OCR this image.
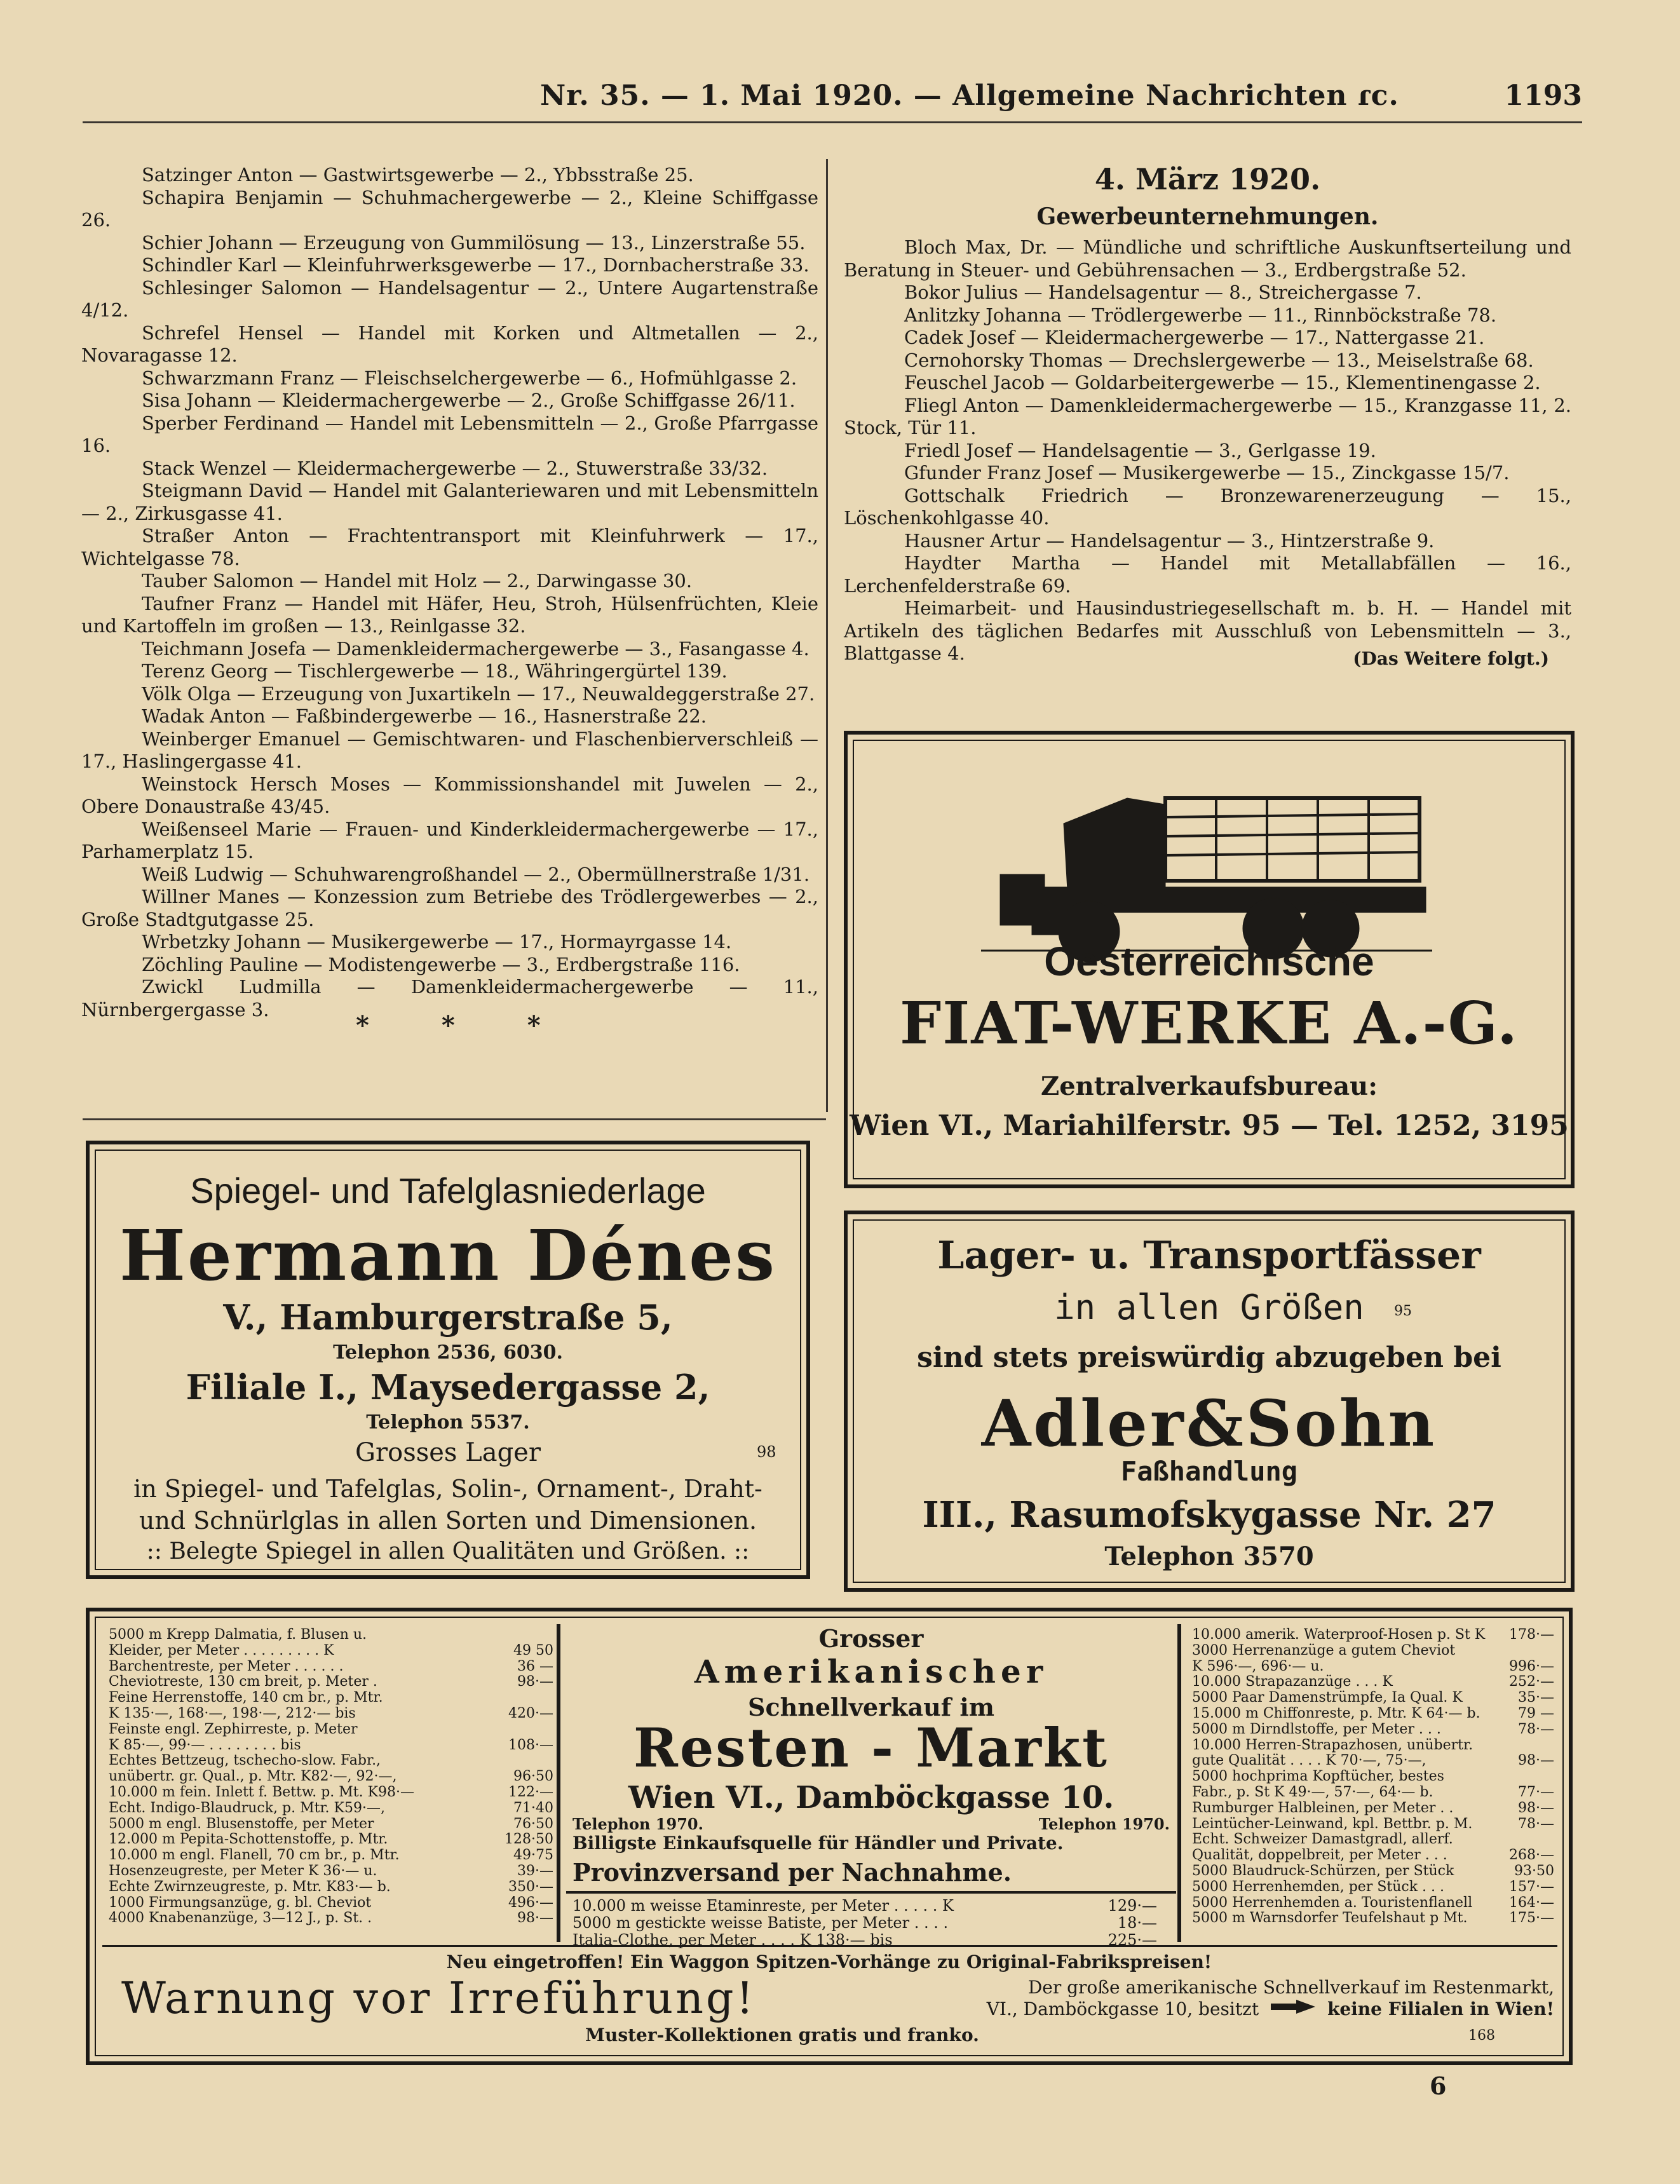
Nr. 35. — 1. Mai 1920. — Allgemeine Nachrichten ɾc.	1193

Satzinger Anton — Gastwirtsgewerbe — 2., Ybbsstraße 25.

Schapira Benjamin — Schuhmachergewerbe — 2., Kleine Schiffgasse 26.

Schier Johann — Erzeugung von Gummilösung — 13., Linzerstraße 55.

Schindler Karl — Kleinfuhrwerksgewerbe — 17., Dornbacherstraße 33.

Schlesinger Salomon — Handelsagentur — 2., Untere Augartenstraße 4/12.

Schrefel Hensel — Handel mit Korken und Altmetallen — 2., Novaragasse 12.

Schwarzmann Franz — Fleischselchergewerbe — 6., Hofmühlgasse 2.

Sisa Johann — Kleidermachergewerbe — 2., Große Schiffgasse 26/11.

Sperber Ferdinand — Handel mit Lebensmitteln — 2., Große Pfarrgasse 16.

Stack Wenzel — Kleidermachergewerbe — 2., Stuwerstraße 33/32.

Steigmann David — Handel mit Galanteriewaren und mit Lebensmitteln — 2., Zirkusgasse 41.

Straßer Anton — Frachtentransport mit Kleinfuhrwerk — 17., Wichtelgasse 78.

Tauber Salomon — Handel mit Holz — 2., Darwingasse 30.

Taufner Franz — Handel mit Häfer, Heu, Stroh, Hülsenfrüchten, Kleie und Kartoffeln im großen — 13., Reinlgasse 32.

Teichmann Josefa — Damenkleidermachergewerbe — 3., Fasangasse 4.

Terenz Georg — Tischlergewerbe — 18., Währingergürtel 139.

Völk Olga — Erzeugung von Juxartikeln — 17., Neuwaldeggerstraße 27.

Wadak Anton — Faßbindergewerbe — 16., Hasnerstraße 22.

Weinberger Emanuel — Gemischtwaren- und Flaschenbierverschleiß — 17., Haslingergasse 41.

Weinstock Hersch Moses — Kommissionshandel mit Juwelen — 2., Obere Donaustraße 43/45.

Weißenseel Marie — Frauen- und Kinderkleidermachergewerbe — 17., Parhamerplatz 15.

Weiß Ludwig — Schuhwarengroßhandel — 2., Obermüllnerstraße 1/31.

Willner Manes — Konzession zum Betriebe des Trödlergewerbes — 2., Große Stadtgutgasse 25.

Wrbetzky Johann — Musikergewerbe — 17., Hormayrgasse 14.

Zöchling Pauline — Modistengewerbe — 3., Erdbergstraße 116.

Zwickl Ludmilla — Damenkleidermachergewerbe — 11., Nürnbergergasse 3.

* * *
4. März 1920.
Gewerbeunternehmungen.

Bloch Max, Dr. — Mündliche und schriftliche Auskunftserteilung und Beratung in Steuer- und Gebührensachen — 3., Erdbergstraße 52.

Bokor Julius — Handelsagentur — 8., Streichergasse 7.

Anlitzky Johanna — Trödlergewerbe — 11., Rinnböckstraße 78.

Cadek Josef — Kleidermachergewerbe — 17., Nattergasse 21.

Cernohorsky Thomas — Drechslergewerbe — 13., Meiselstraße 68.

Feuschel Jacob — Goldarbeitergewerbe — 15., Klementinengasse 2.

Fliegl Anton — Damenkleidermachergewerbe — 15., Kranzgasse 11, 2. Stock, Tür 11.

Friedl Josef — Handelsagentie — 3., Gerlgasse 19.

Gfunder Franz Josef — Musikergewerbe — 15., Zinckgasse 15/7.

Gottschalk Friedrich — Bronzewarenerzeugung — 15., Löschenkohlgasse 40.

Hausner Artur — Handelsagentur — 3., Hintzerstraße 9.

Haydter Martha — Handel mit Metallabfällen — 16., Lerchenfelderstraße 69.

Heimarbeit- und Hausindustriegesellschaft m. b. H. — Handel mit Artikeln des täglichen Bedarfes mit Ausschluß von Lebensmitteln — 3., Blattgasse 4.	(Das Weitere folgt.)
Oesterreichische
FIAT-WERKE A.-G.
Zentralverkaufsbureau:
Wien VI., Mariahilferstr. 95 — Tel. 1252, 3195
Spiegel- und Tafelglasniederlage
Hermann Dénes
V., Hamburgerstraße 5,
Telephon 2536, 6030.
Filiale I., Maysedergasse 2,
Telephon 5537.
Grosses Lager	98
in Spiegel- und Tafelglas, Solin-, Ornament-, Draht-
und Schnürlglas in allen Sorten und Dimensionen.
:: Belegte Spiegel in allen Qualitäten und Größen. ::
Lager- u. Transportfässer
in allen Größen	95
sind stets preiswürdig abzugeben bei
Adler&Sohn
Faßhandlung
III., Rasumofskygasse Nr. 27
Telephon 3570
5000 m Krepp Dalmatia, f. Blusen u.
Kleider, per Meter . . . . . . . . . K	49 50
Barchentreste, per Meter . . . . . .	36 —
Cheviotreste, 130 cm breit, p. Meter .	98·—
Feine Herrenstoffe, 140 cm br., p. Mtr.
K 135·—, 168·—, 198·—, 212·— bis	420·—
Feinste engl. Zephirreste, p. Meter
K 85·—, 99·— . . . . . . . . bis	108·—
Echtes Bettzeug, tschecho-slow. Fabr.,
unübertr. gr. Qual., p. Mtr. K82·—, 92·—,	96·50
10.000 m fein. Inlett f. Bettw. p. Mt. K98·—	122·—
Echt. Indigo-Blaudruck, p. Mtr. K59·—,	71·40
5000 m engl. Blusenstoffe, per Meter	76·50
12.000 m Pepita-Schottenstoffe, p. Mtr.	128·50
10.000 m engl. Flanell, 70 cm br., p. Mtr.	49·75
Hosenzeugreste, per Meter K 36·— u.	39·—
Echte Zwirnzeugreste, p. Mtr. K83·— b.	350·—
1000 Firmungsanzüge, g. bl. Cheviot	496·—
4000 Knabenanzüge, 3—12 J., p. St. .	98·—
Grosser
Amerikanischer
Schnellverkauf im
Resten - Markt
Wien VI., Damböckgasse 10.
Telephon 1970.	Telephon 1970.
Billigste Einkaufsquelle für Händler und Private.
Provinzversand per Nachnahme.
10.000 m weisse Etaminreste, per Meter . . . . . K	129·—
5000 m gestickte weisse Batiste, per Meter . . . .	18·—
Italia-Clothe, per Meter . . . . K 138·— bis	225·—
10.000 amerik. Waterproof-Hosen p. St K 178·—
3000 Herrenanzüge a gutem Cheviot
K 596·—, 696·— u.	996·—
10.000 Strapazanzüge . . . K	252·—
5000 Paar Damenstrümpfe, Ia Qual. K	35·—
15.000 m Chiffonreste, p. Mtr. K 64·— b.	79 —
5000 m Dirndlstoffe, per Meter . . .	78·—
10.000 Herren-Strapazhosen, unübertr.
gute Qualität . . . . K 70·—, 75·—,	98·—
5000 hochprima Kopftücher, bestes
Fabr., p. St K 49·—, 57·—, 64·— b.	77·—
Rumburger Halbleinen, per Meter . .	98·—
Leintücher-Leinwand, kpl. Bettbr. p. M.	78·—
Echt. Schweizer Damastgradl, allerf.
Qualität, doppelbreit, per Meter . . .	268·—
5000 Blaudruck-Schürzen, per Stück	93·50
5000 Herrenhemden, per Stück . . .	157·—
5000 Herrenhemden a. Touristenflanell	164·—
5000 m Warnsdorfer Teufelshaut p Mt.	175·—
Neu eingetroffen! Ein Waggon Spitzen-Vorhänge zu Original-Fabrikspreisen!
Warnung vor Irreführung!	Der große amerikanische Schnellverkauf im Restenmarkt,
VI., Damböckgasse 10, besitzt	keine Filialen in Wien!
Muster-Kollektionen gratis und franko.	168
6
